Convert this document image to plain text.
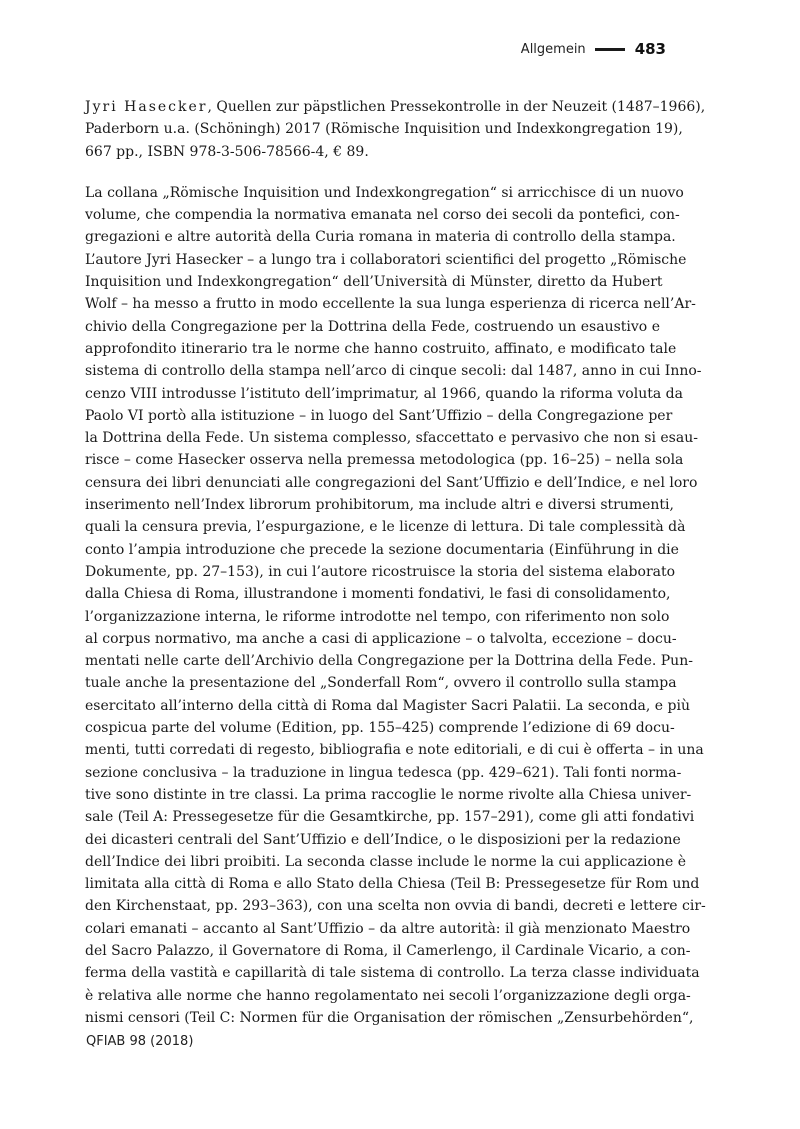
Allgemein	483

Jyri Hasecker, Quellen zur päpstlichen Pressekontrolle in der Neuzeit (1487–1966),
Paderborn u.a. (Schöningh) 2017 (Römische Inquisition und Indexkongregation 19),
667 pp., ISBN 978-3-506-78566-4, € 89.

La collana „Römische Inquisition und Indexkongregation“ si arricchisce di un nuovo
volume, che compendia la normativa emanata nel corso dei secoli da pontefici, con-
gregazioni e altre autorità della Curia romana in materia di controllo della stampa.
L’autore Jyri Hasecker – a lungo tra i collaboratori scientifici del progetto „Römische
Inquisition und Indexkongregation“ dell’Università di Münster, diretto da Hubert
Wolf – ha messo a frutto in modo eccellente la sua lunga esperienza di ricerca nell’Ar-
chivio della Congregazione per la Dottrina della Fede, costruendo un esaustivo e
approfondito itinerario tra le norme che hanno costruito, affinato, e modificato tale
sistema di controllo della stampa nell’arco di cinque secoli: dal 1487, anno in cui Inno-
cenzo VIII introdusse l’istituto dell’imprimatur, al 1966, quando la riforma voluta da
Paolo VI portò alla istituzione – in luogo del Sant’Uffizio – della Congregazione per
la Dottrina della Fede. Un sistema complesso, sfaccettato e pervasivo che non si esau-
risce – come Hasecker osserva nella premessa metodologica (pp. 16–25) – nella sola
censura dei libri denunciati alle congregazioni del Sant’Uffizio e dell’Indice, e nel loro
inserimento nell’Index librorum prohibitorum, ma include altri e diversi strumenti,
quali la censura previa, l’espurgazione, e le licenze di lettura. Di tale complessità dà
conto l’ampia introduzione che precede la sezione documentaria (Einführung in die
Dokumente, pp. 27–153), in cui l’autore ricostruisce la storia del sistema elaborato
dalla Chiesa di Roma, illustrandone i momenti fondativi, le fasi di consolidamento,
l’organizzazione interna, le riforme introdotte nel tempo, con riferimento non solo
al corpus normativo, ma anche a casi di applicazione – o talvolta, eccezione – docu-
mentati nelle carte dell’Archivio della Congregazione per la Dottrina della Fede. Pun-
tuale anche la presentazione del „Sonderfall Rom“, ovvero il controllo sulla stampa
esercitato all’interno della città di Roma dal Magister Sacri Palatii. La seconda, e più
cospicua parte del volume (Edition, pp. 155–425) comprende l’edizione di 69 docu-
menti, tutti corredati di regesto, bibliografia e note editoriali, e di cui è offerta – in una
sezione conclusiva – la traduzione in lingua tedesca (pp. 429–621). Tali fonti norma-
tive sono distinte in tre classi. La prima raccoglie le norme rivolte alla Chiesa univer-
sale (Teil A: Pressegesetze für die Gesamtkirche, pp. 157–291), come gli atti fondativi
dei dicasteri centrali del Sant’Uffizio e dell’Indice, o le disposizioni per la redazione
dell’Indice dei libri proibiti. La seconda classe include le norme la cui applicazione è
limitata alla città di Roma e allo Stato della Chiesa (Teil B: Pressegesetze für Rom und
den Kirchenstaat, pp. 293–363), con una scelta non ovvia di bandi, decreti e lettere cir-
colari emanati – accanto al Sant’Uffizio – da altre autorità: il già menzionato Maestro
del Sacro Palazzo, il Governatore di Roma, il Camerlengo, il Cardinale Vicario, a con-
ferma della vastità e capillarità di tale sistema di controllo. La terza classe individuata
è relativa alle norme che hanno regolamentato nei secoli l’organizzazione degli orga-
nismi censori (Teil C: Normen für die Organisation der römischen „Zensurbehörden“,

QFIAB 98 (2018)
